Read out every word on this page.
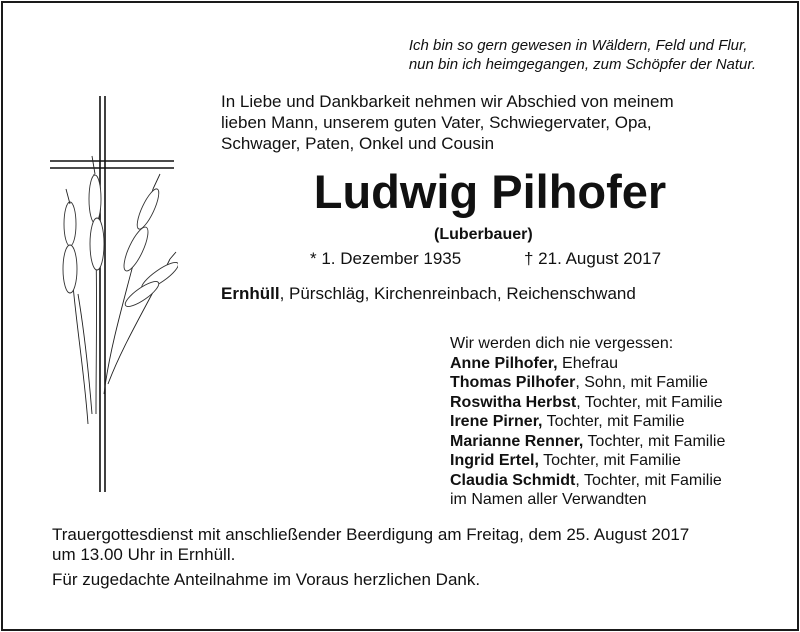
Ich bin so gern gewesen in Wäldern, Feld und Flur,
nun bin ich heimgegangen, zum Schöpfer der Natur.
In Liebe und Dankbarkeit nehmen wir Abschied von meinem
lieben Mann, unserem guten Vater, Schwiegervater, Opa,
Schwager, Paten, Onkel und Cousin
Ludwig Pilhofer
(Luberbauer)
* 1. Dezember 1935	† 21. August 2017
Ernhüll, Pürschläg, Kirchenreinbach, Reichenschwand
Wir werden dich nie vergessen:
Anne Pilhofer, Ehefrau
Thomas Pilhofer, Sohn, mit Familie
Roswitha Herbst, Tochter, mit Familie
Irene Pirner, Tochter, mit Familie
Marianne Renner, Tochter, mit Familie
Ingrid Ertel, Tochter, mit Familie
Claudia Schmidt, Tochter, mit Familie
im Namen aller Verwandten
Trauergottesdienst mit anschließender Beerdigung am Freitag, dem 25. August 2017
um 13.00 Uhr in Ernhüll.
Für zugedachte Anteilnahme im Voraus herzlichen Dank.
